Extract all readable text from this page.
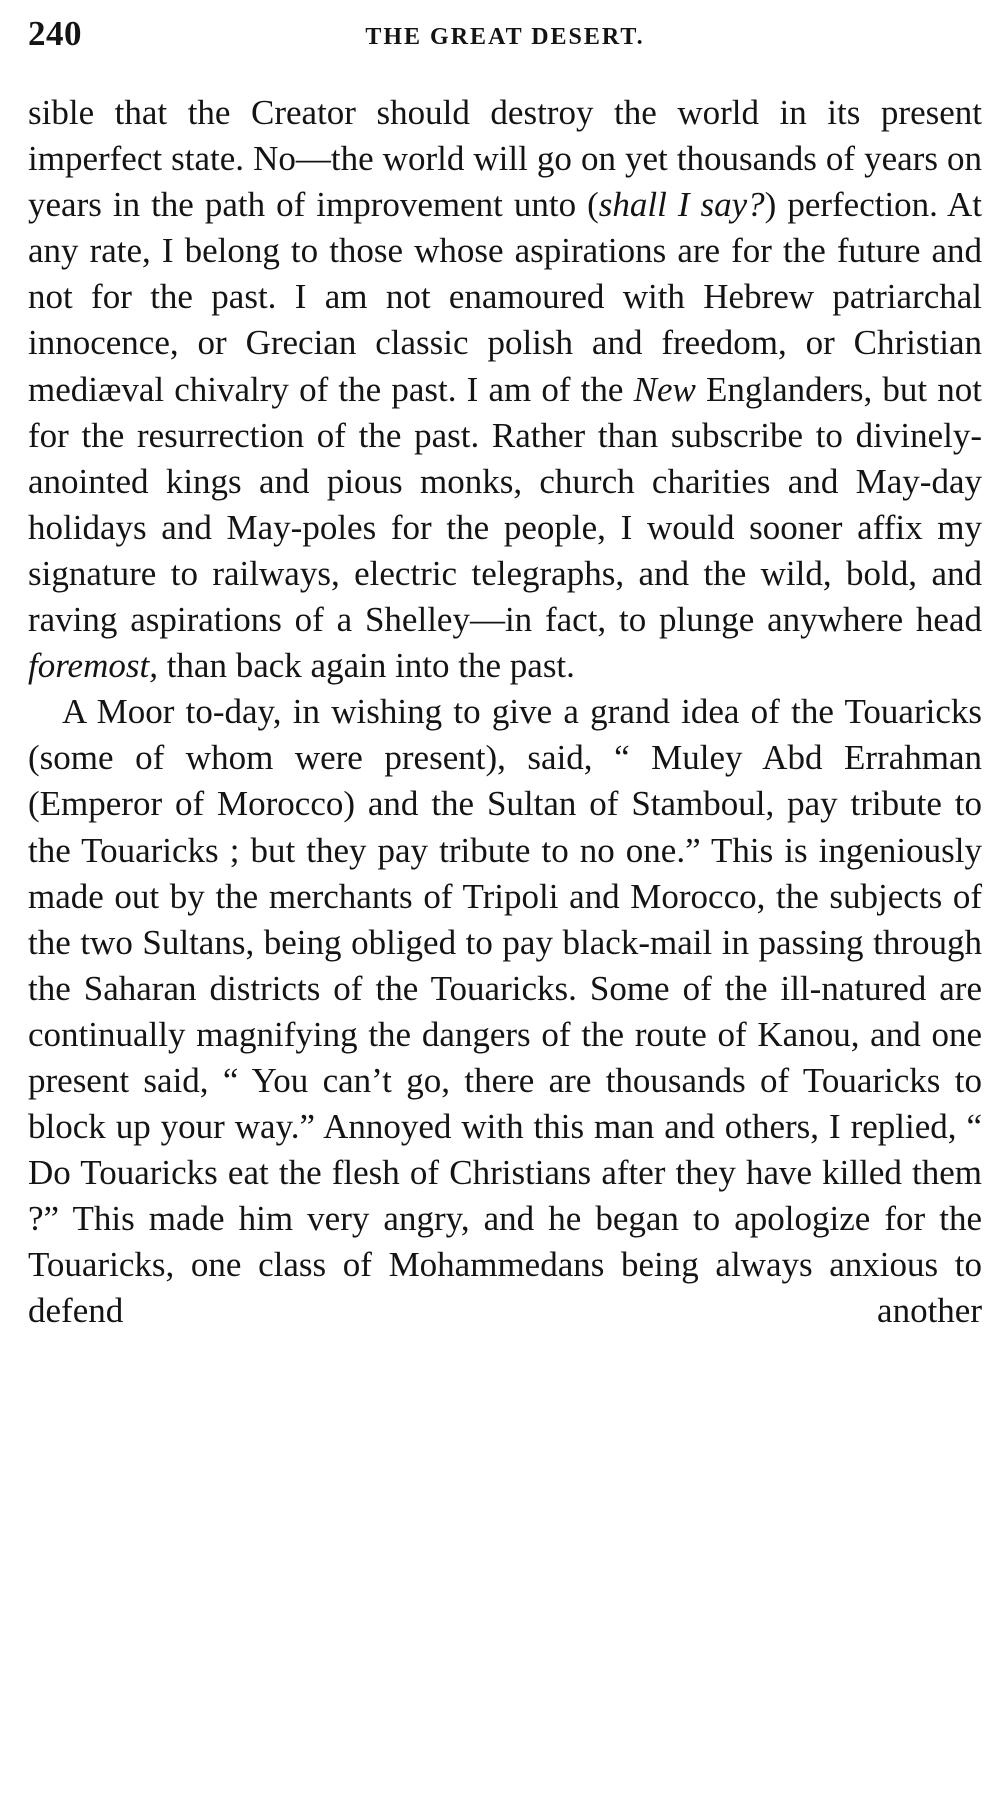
240	THE GREAT DESERT.

sible that the Creator should destroy the world in its present imperfect state. No—the world will go on yet thousands of years on years in the path of improvement unto (shall I say?) perfection. At any rate, I belong to those whose aspirations are for the future and not for the past. I am not enamoured with Hebrew patriarchal innocence, or Grecian classic polish and freedom, or Christian mediæval chivalry of the past. I am of the New Englanders, but not for the resurrection of the past. Rather than subscribe to divinely-anointed kings and pious monks, church charities and May-day holidays and May-poles for the people, I would sooner affix my signature to railways, electric telegraphs, and the wild, bold, and raving aspirations of a Shelley—in fact, to plunge anywhere head foremost, than back again into the past.

A Moor to-day, in wishing to give a grand idea of the Touaricks (some of whom were present), said, “ Muley Abd Errahman (Emperor of Morocco) and the Sultan of Stamboul, pay tribute to the Touaricks ; but they pay tribute to no one.” This is ingeniously made out by the merchants of Tripoli and Morocco, the subjects of the two Sultans, being obliged to pay black-mail in passing through the Saharan districts of the Touaricks. Some of the ill-natured are continually magnifying the dangers of the route of Kanou, and one present said, “ You can’t go, there are thousands of Touaricks to block up your way.” Annoyed with this man and others, I replied, “ Do Touaricks eat the flesh of Christians after they have killed them ?” This made him very angry, and he began to apologize for the Touaricks, one class of Mohammedans being always anxious to defend another
